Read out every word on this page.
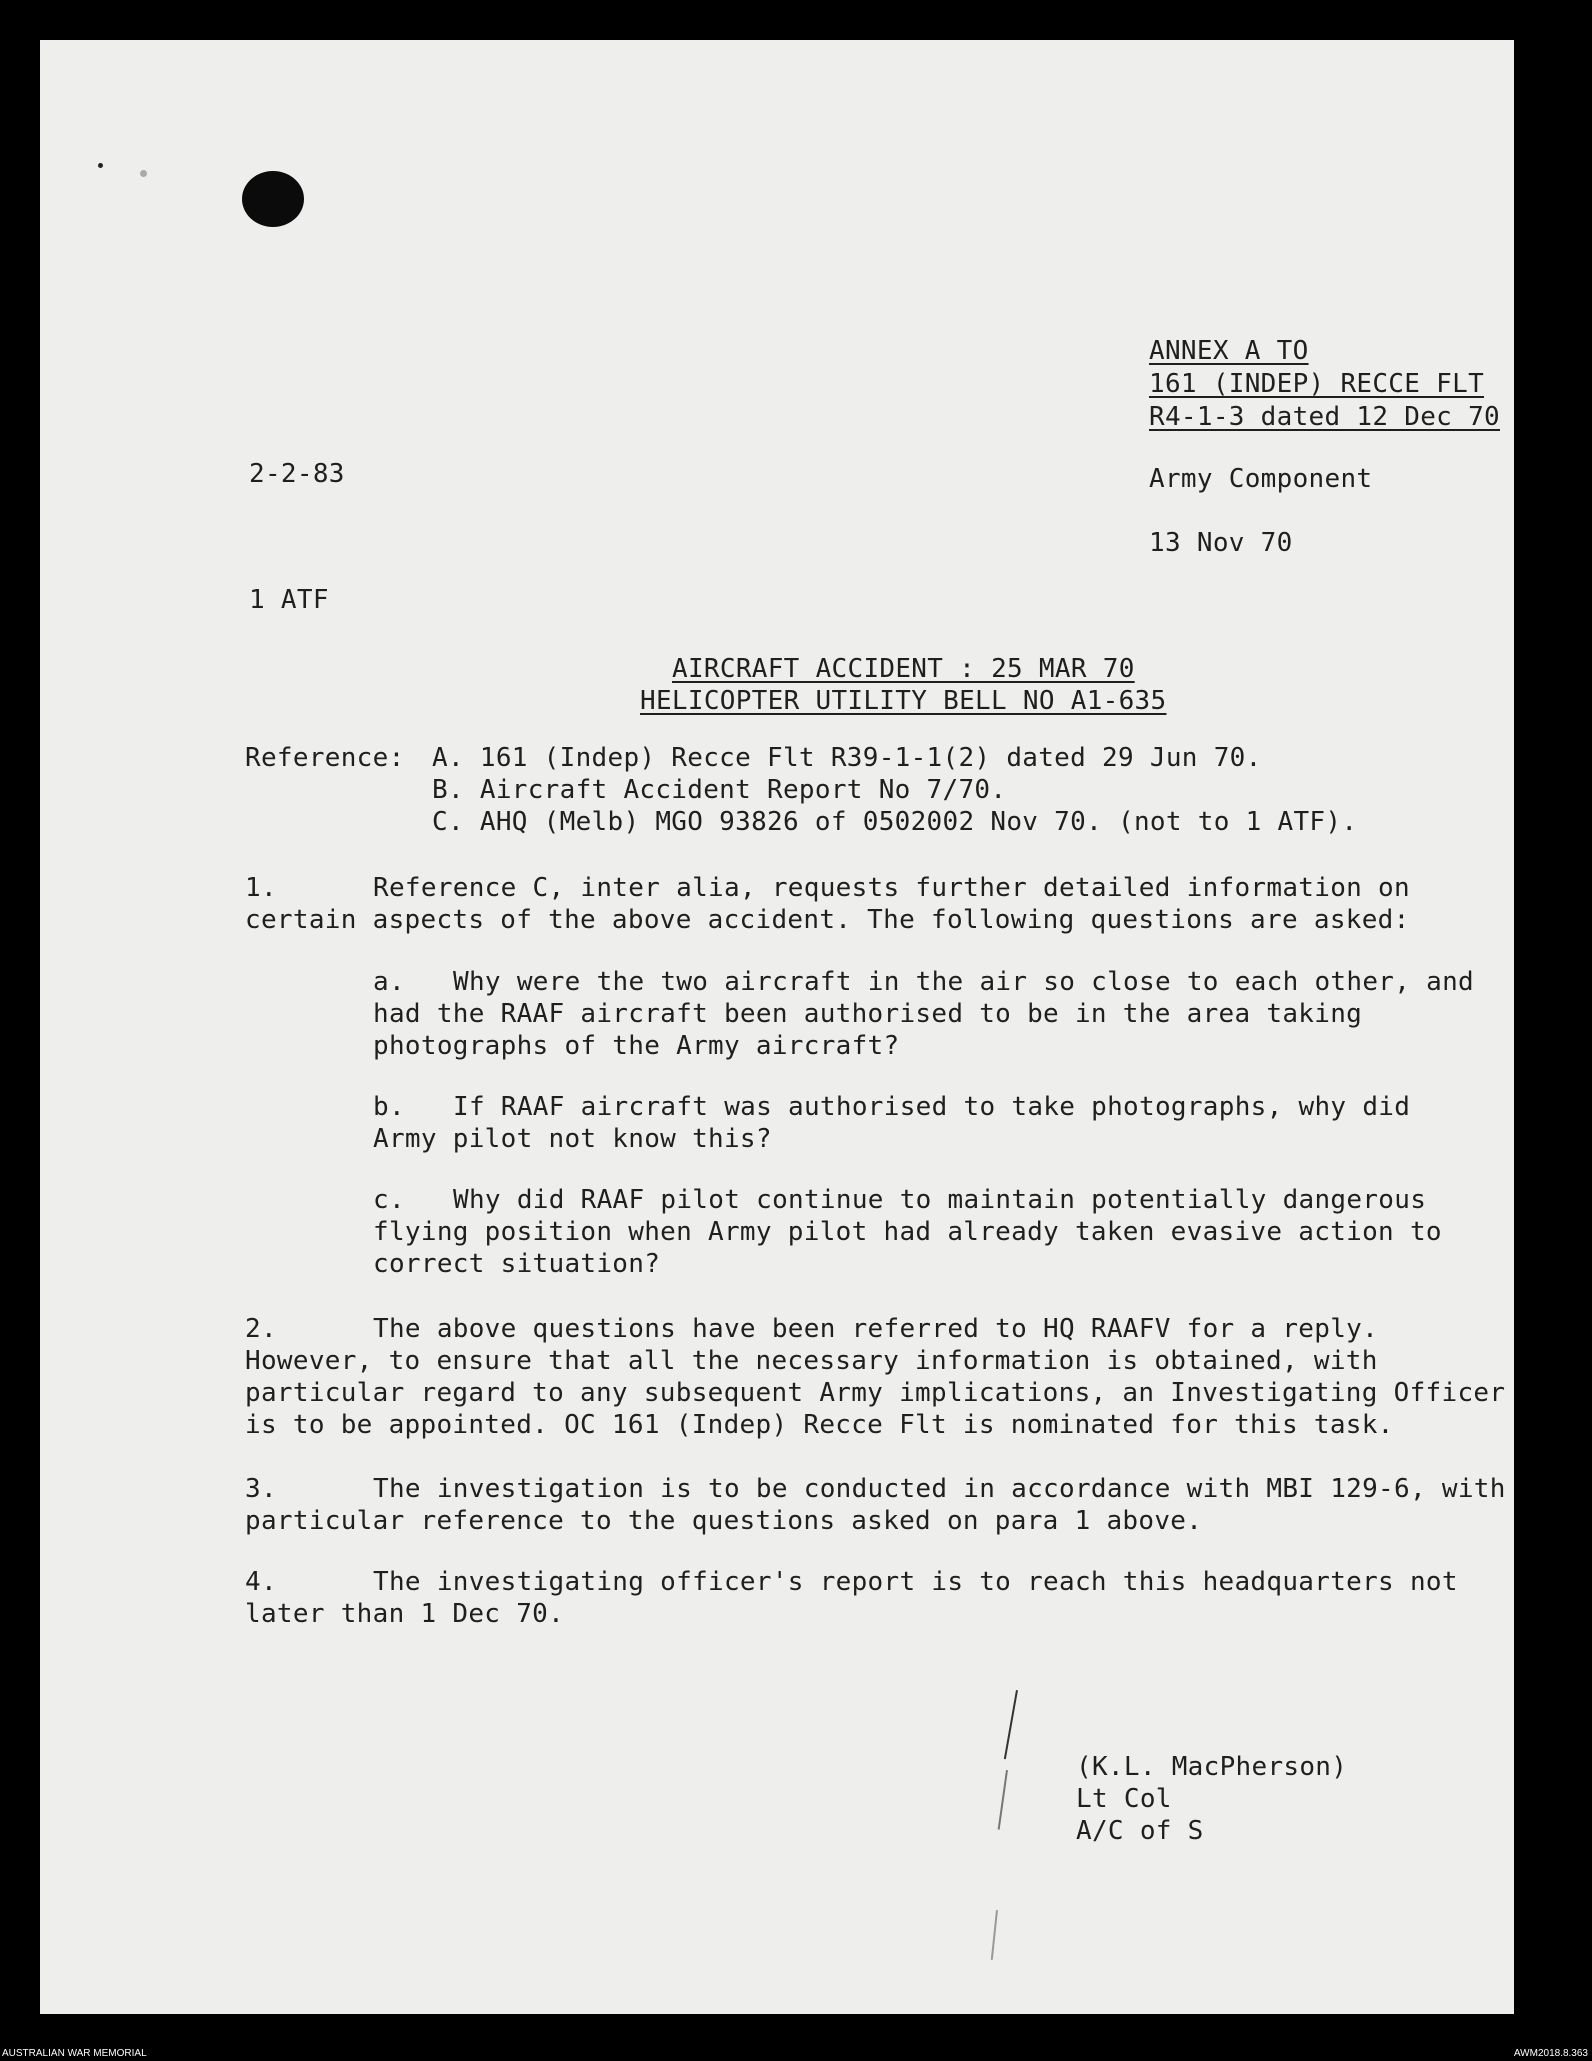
ANNEX A TO
161 (INDEP) RECCE FLT
R4-1-3 dated 12 Dec 70
2-2-83	Army Component
13 Nov 70
1 ATF
AIRCRAFT ACCIDENT : 25 MAR 70
HELICOPTER UTILITY BELL NO A1-635
Reference: A. 161 (Indep) Recce Flt R39-1-1(2) dated 29 Jun 70.
B. Aircraft Accident Report No 7/70.
C. AHQ (Melb) MGO 93826 of 0502002 Nov 70. (not to 1 ATF).
1.	Reference C, inter alia, requests further detailed information on
certain aspects of the above accident. The following questions are asked:
a. Why were the two aircraft in the air so close to each other, and
had the RAAF aircraft been authorised to be in the area taking
photographs of the Army aircraft?
b. If RAAF aircraft was authorised to take photographs, why did
Army pilot not know this?
c. Why did RAAF pilot continue to maintain potentially dangerous
flying position when Army pilot had already taken evasive action to
correct situation?
2.	The above questions have been referred to HQ RAAFV for a reply.
However, to ensure that all the necessary information is obtained, with
particular regard to any subsequent Army implications, an Investigating Officer
is to be appointed. OC 161 (Indep) Recce Flt is nominated for this task.
3.	The investigation is to be conducted in accordance with MBI 129-6, with
particular reference to the questions asked on para 1 above.
4.	The investigating officer's report is to reach this headquarters not
later than 1 Dec 70.
(K.L. MacPherson)
Lt Col
A/C of S
AUSTRALIAN WAR MEMORIAL	AWM2018.8.363
